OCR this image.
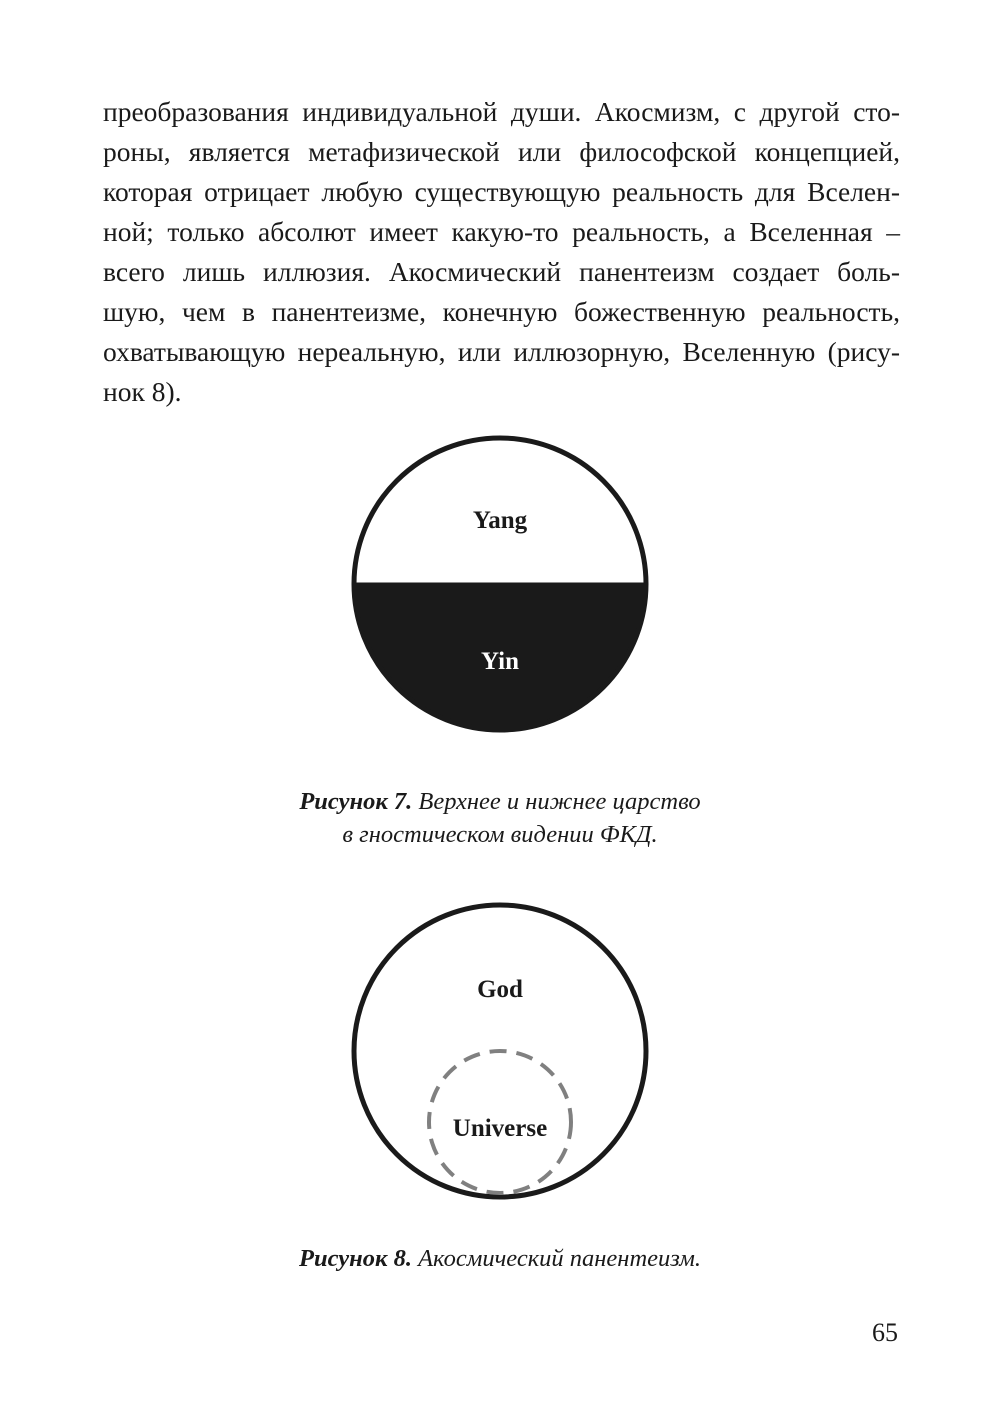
преобразования индивидуальной души. Акосмизм, с другой сто-
роны, является метафизической или философской концепцией,
которая отрицает любую существующую реальность для Вселен-
ной; только абсолют имеет какую-то реальность, а Вселенная –
всего лишь иллюзия. Акосмический панентеизм создает боль-
шую, чем в панентеизме, конечную божественную реальность,
охватывающую нереальную, или иллюзорную, Вселенную (рису-
нок 8).
Yang
Yin
Рисунок 7. Верхнее и нижнее царство
в гностическом видении ФКД.
God
Universe
Рисунок 8. Акосмический панентеизм.
65
